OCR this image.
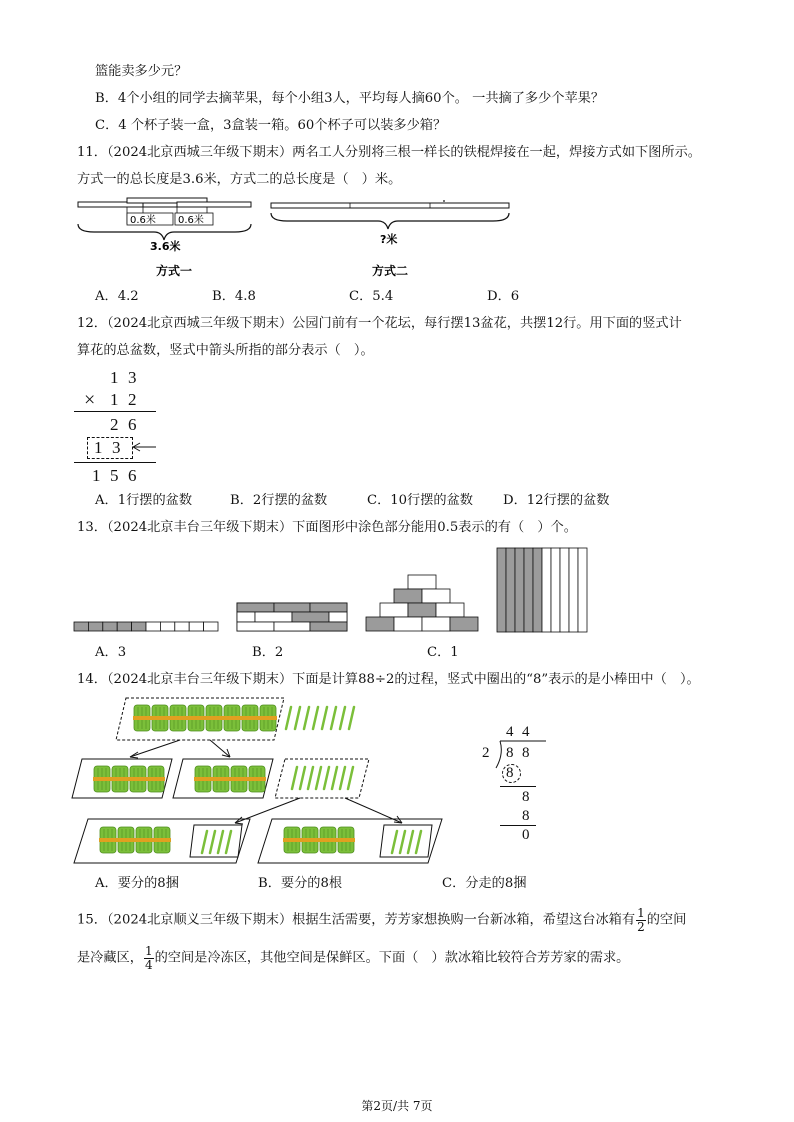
篮能卖多少元？
B．4个小组的同学去摘苹果，每个小组3人，平均每人摘60个。 一共摘了多少个苹果？
C．4 个杯子装一盒，3盒装一箱。60个杯子可以装多少箱？
11．（2024北京西城三年级下期末）两名工人分别将三根一样长的铁棍焊接在一起，焊接方式如下图所示。
方式一的总长度是3.6米，方式二的总长度是（　）米。
0.6米 0.6米
3.6米
方式一
?米
方式二
A．4.2	B．4.8	C．5.4	D．6
12．（2024北京西城三年级下期末）公园门前有一个花坛，每行摆13盆花，共摆12行。用下面的竖式计
算花的总盆数，竖式中箭头所指的部分表示（　）。
1 3
× 1 2
2 6
1 3
1 5 6
A．1行摆的盆数	B．2行摆的盆数	C．10行摆的盆数 D．12行摆的盆数
13．（2024北京丰台三年级下期末）下面图形中涂色部分能用0.5表示的有（　）个。
A．3	B．2	C．1
14．（2024北京丰台三年级下期末）下面是计算88÷2的过程，竖式中圈出的“8”表示的是小棒田中（　）。
4 4
2 8 8
8
8
8
0
A．要分的8捆	B．要分的8根	C．分走的8捆
15．（2024北京顺义三年级下期末）根据生活需要，芳芳家想换购一台新冰箱，希望这台冰箱有 $\frac{1}{2}$ 的空间
是冷藏区， $\frac{1}{4}$ 的空间是冷冻区，其他空间是保鲜区。下面（　）款冰箱比较符合芳芳家的需求。
第2页/共 7页
